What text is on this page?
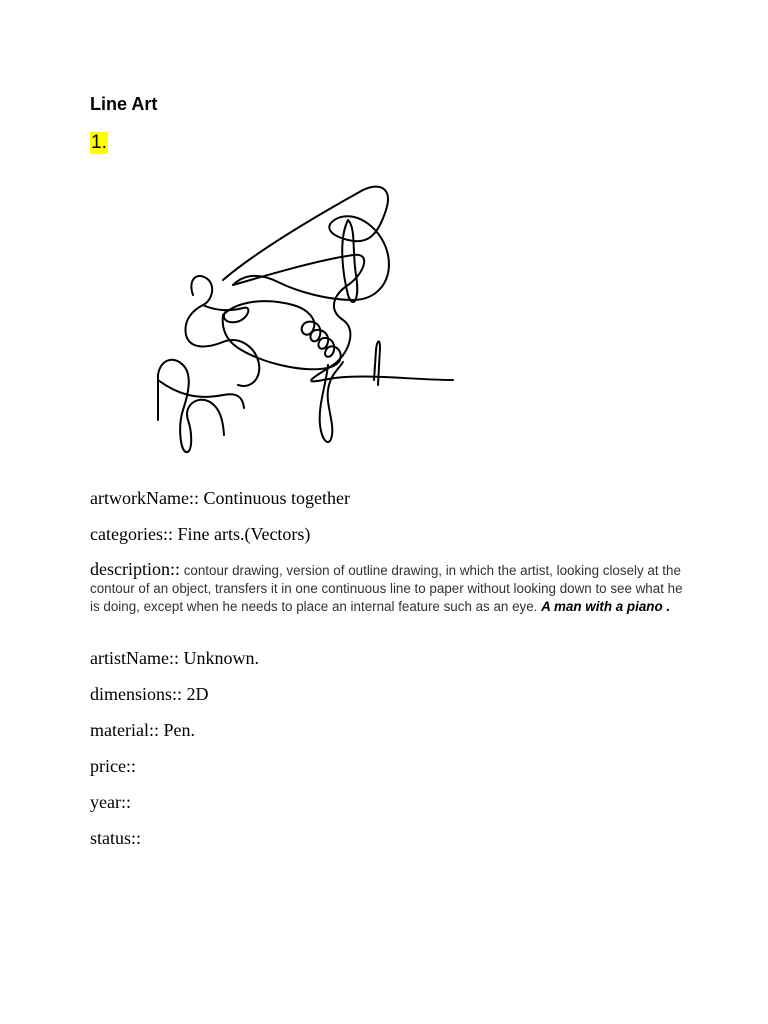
Line Art
1.
artworkName:: Continuous together
categories:: Fine arts.(Vectors)
description:: contour drawing, version of outline drawing, in which the artist, looking closely at the contour of an object, transfers it in one continuous line to paper without looking down to see what he is doing, except when he needs to place an internal feature such as an eye. A man with a piano .
artistName:: Unknown.
dimensions:: 2D
material:: Pen.
price::
year::
status::
